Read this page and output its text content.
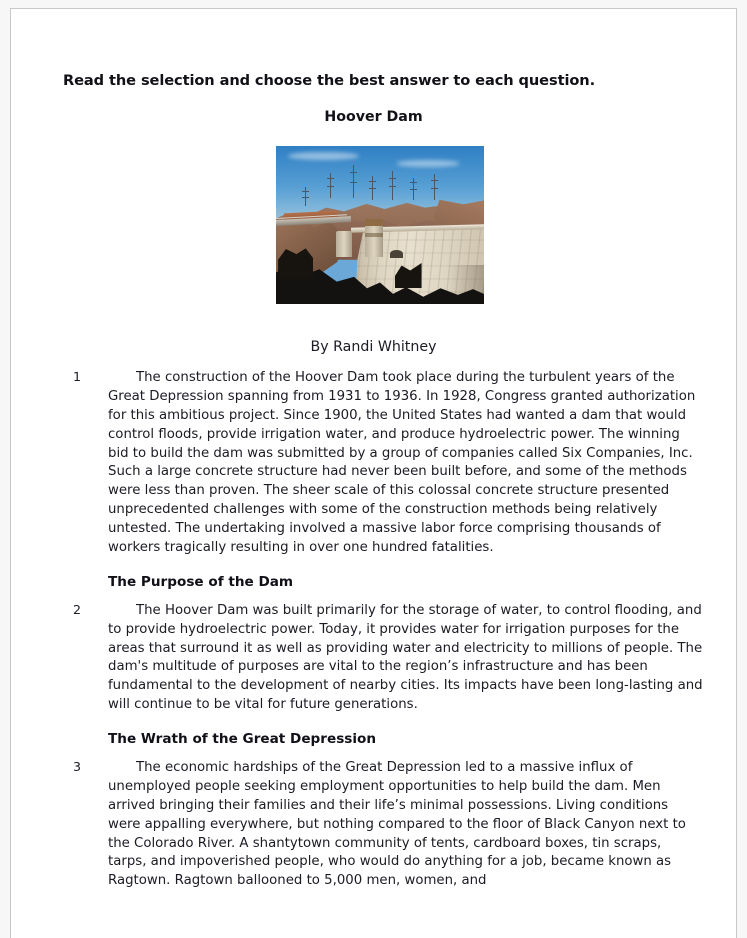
Read the selection and choose the best answer to each question.
Hoover Dam
By Randi Whitney
1	The construction of the Hoover Dam took place during the turbulent years of the Great Depression spanning from 1931 to 1936. In 1928, Congress granted authorization for this ambitious project. Since 1900, the United States had wanted a dam that would control floods, provide irrigation water, and produce hydroelectric power. The winning bid to build the dam was submitted by a group of companies called Six Companies, Inc. Such a large concrete structure had never been built before, and some of the methods were less than proven. The sheer scale of this colossal concrete structure presented unprecedented challenges with some of the construction methods being relatively untested. The undertaking involved a massive labor force comprising thousands of workers tragically resulting in over one hundred fatalities.
The Purpose of the Dam
2	The Hoover Dam was built primarily for the storage of water, to control flooding, and to provide hydroelectric power. Today, it provides water for irrigation purposes for the areas that surround it as well as providing water and electricity to millions of people. The dam's multitude of purposes are vital to the region’s infrastructure and has been fundamental to the development of nearby cities. Its impacts have been long-lasting and will continue to be vital for future generations.
The Wrath of the Great Depression
3	The economic hardships of the Great Depression led to a massive influx of unemployed people seeking employment opportunities to help build the dam. Men arrived bringing their families and their life’s minimal possessions. Living conditions were appalling everywhere, but nothing compared to the floor of Black Canyon next to the Colorado River. A shantytown community of tents, cardboard boxes, tin scraps, tarps, and impoverished people, who would do anything for a job, became known as Ragtown. Ragtown ballooned to 5,000 men, women, and
